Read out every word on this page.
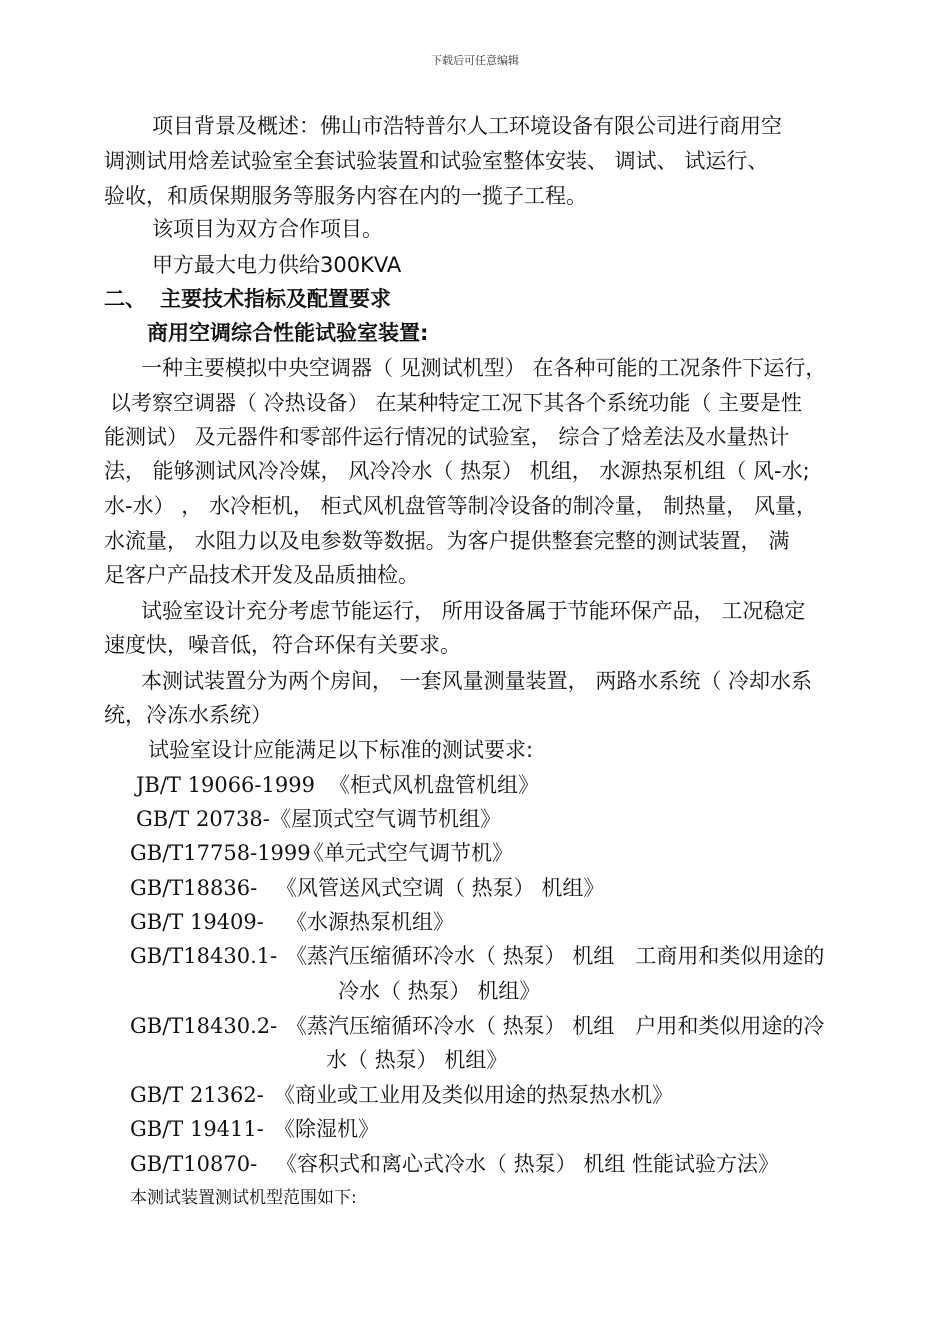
下载后可任意编辑
项目背景及概述：佛山市浩特普尔人工环境设备有限公司进行商用空
调测试用焓差试验室全套试验装置和试验室整体安装、 调试、 试运行、
验收，和质保期服务等服务内容在内的一揽子工程。
该项目为双方合作项目。
甲方最大电力供给300KVA
二、 主要技术指标及配置要求
商用空调综合性能试验室装置:
一种主要模拟中央空调器（ 见测试机型） 在各种可能的工况条件下运行，
以考察空调器（ 冷热设备） 在某种特定工况下其各个系统功能（ 主要是性
能测试） 及元器件和零部件运行情况的试验室， 综合了焓差法及水量热计
法， 能够测试风冷冷媒， 风冷冷水（ 热泵） 机组， 水源热泵机组（ 风-水;
水-水） ， 水冷柜机， 柜式风机盘管等制冷设备的制冷量， 制热量， 风量，
水流量， 水阻力以及电参数等数据。为客户提供整套完整的测试装置， 满
足客户产品技术开发及品质抽检。
试验室设计充分考虑节能运行， 所用设备属于节能环保产品， 工况稳定
速度快，噪音低，符合环保有关要求。
本测试装置分为两个房间， 一套风量测量装置， 两路水系统（ 冷却水系
统，冷冻水系统）
试验室设计应能满足以下标准的测试要求:
JB/T 19066-1999 《柜式风机盘管机组》
GB/T 20738- 《屋顶式空气调节机组》
GB/T17758-1999
《单元式空气调节机》
GB/T18836- 《风管送风式空调（ 热泵） 机组》
GB/T 19409- 《水源热泵机组》
GB/T18430.1- 《蒸汽压缩循环冷水（ 热泵） 机组　工商用和类似用途的
冷水（ 热泵） 机组》
GB/T18430.2- 《蒸汽压缩循环冷水（ 热泵） 机组　户用和类似用途的冷
水（ 热泵） 机组》
GB/T 21362- 《商业或工业用及类似用途的热泵热水机》
GB/T 19411- 《除湿机》
GB/T10870- 《容积式和离心式冷水（ 热泵） 机组 性能试验方法》
本测试装置测试机型范围如下:
